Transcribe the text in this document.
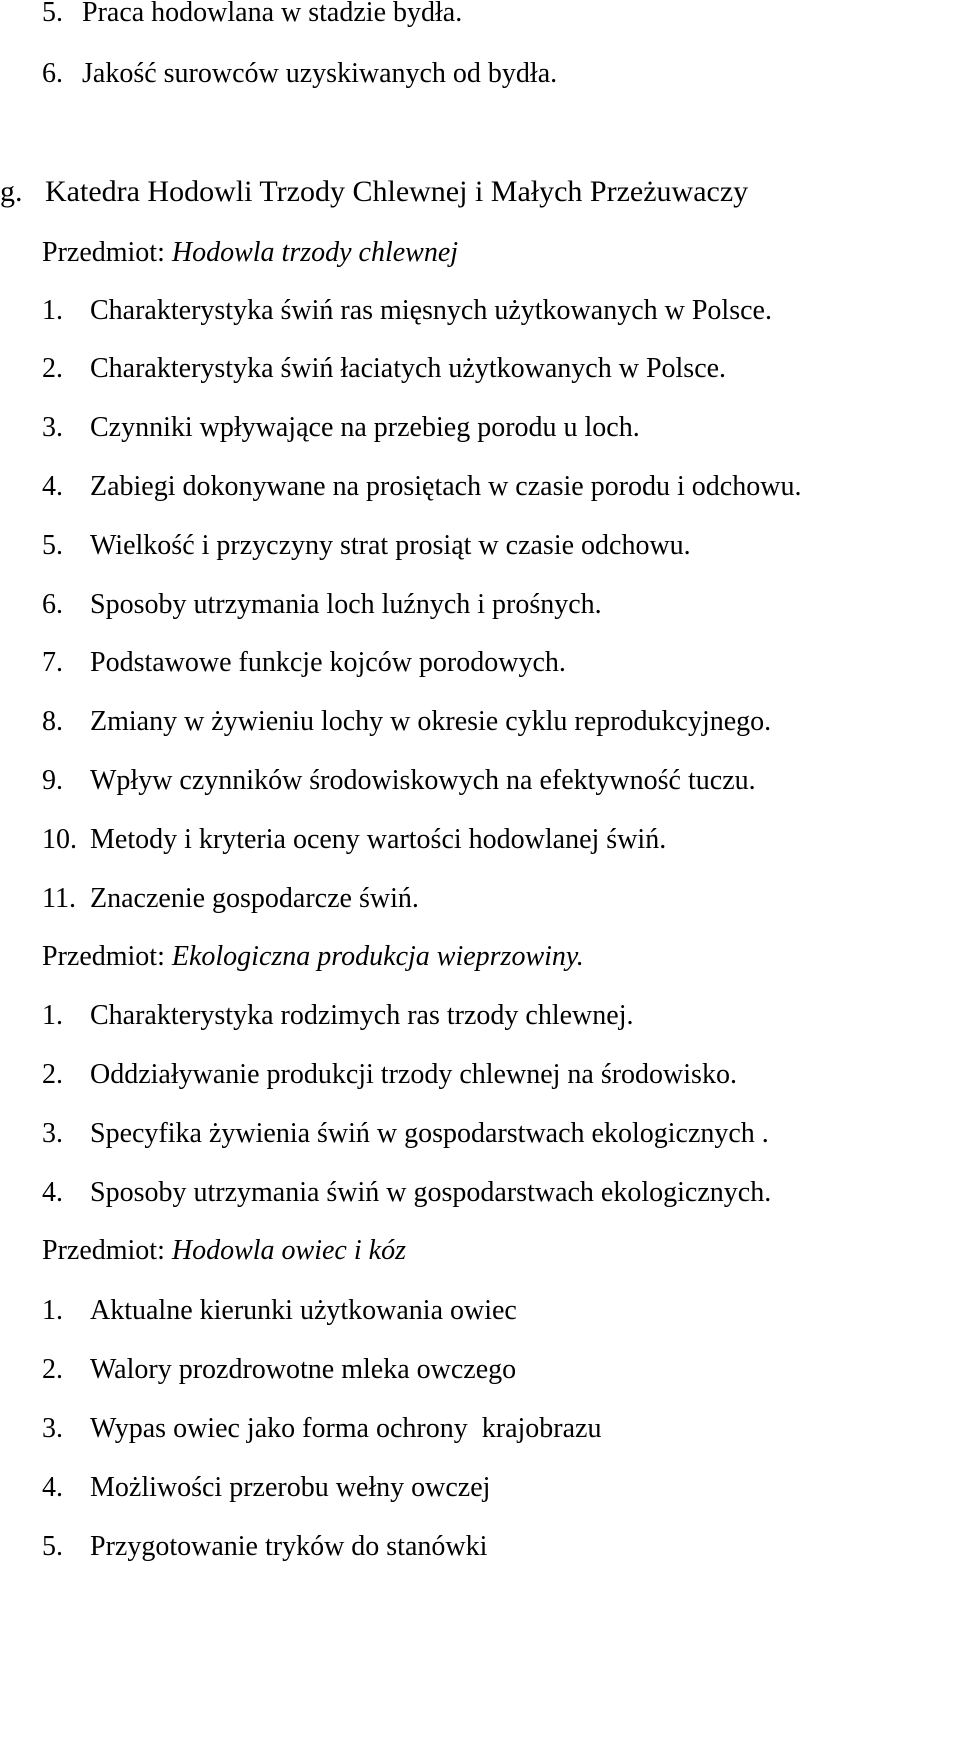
5. Praca hodowlana w stadzie bydła.
6. Jakość surowców uzyskiwanych od bydła.
g. Katedra Hodowli Trzody Chlewnej i Małych Przeżuwaczy
Przedmiot: Hodowla trzody chlewnej
1. Charakterystyka świń ras mięsnych użytkowanych w Polsce.
2. Charakterystyka świń łaciatych użytkowanych w Polsce.
3. Czynniki wpływające na przebieg porodu u loch.
4. Zabiegi dokonywane na prosiętach w czasie porodu i odchowu.
5. Wielkość i przyczyny strat prosiąt w czasie odchowu.
6. Sposoby utrzymania loch luźnych i prośnych.
7. Podstawowe funkcje kojców porodowych.
8. Zmiany w żywieniu lochy w okresie cyklu reprodukcyjnego.
9. Wpływ czynników środowiskowych na efektywność tuczu.
10. Metody i kryteria oceny wartości hodowlanej świń.
11. Znaczenie gospodarcze świń.
Przedmiot: Ekologiczna produkcja wieprzowiny.
1. Charakterystyka rodzimych ras trzody chlewnej.
2. Oddziaływanie produkcji trzody chlewnej na środowisko.
3. Specyfika żywienia świń w gospodarstwach ekologicznych .
4. Sposoby utrzymania świń w gospodarstwach ekologicznych.
Przedmiot: Hodowla owiec i kóz
1. Aktualne kierunki użytkowania owiec
2. Walory prozdrowotne mleka owczego
3. Wypas owiec jako forma ochrony  krajobrazu
4. Możliwości przerobu wełny owczej
5. Przygotowanie tryków do stanówki
